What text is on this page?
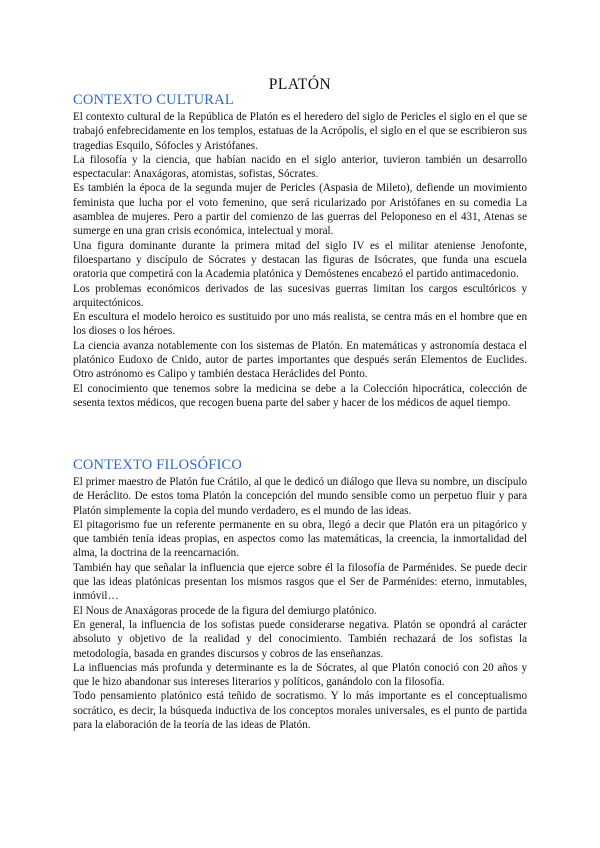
PLATÓN
CONTEXTO CULTURAL

El contexto cultural de la República de Platón es el heredero del siglo de Pericles el siglo en el que se trabajó enfebrecidamente en los templos, estatuas de la Acrópolis, el siglo en el que se escribieron sus tragedias Esquilo, Sófocles y Aristófanes.

La filosofía y la ciencia, que habían nacido en el siglo anterior, tuvieron también un desarrollo espectacular: Anaxágoras, atomistas, sofistas, Sócrates.

Es también la época de la segunda mujer de Pericles (Aspasia de Mileto), defiende un movimiento feminista que lucha por el voto femenino, que será ricularizado por Aristófanes en su comedia La asamblea de mujeres. Pero a partir del comienzo de las guerras del Peloponeso en el 431, Atenas se sumerge en una gran crisis económica, intelectual y moral.

Una figura dominante durante la primera mitad del siglo IV es el militar ateniense Jenofonte, filoespartano y discípulo de Sócrates y destacan las figuras de Isócrates, que funda una escuela oratoria que competirá con la Academia platónica y Demóstenes encabezó el partido antimacedonio.

Los problemas económicos derivados de las sucesivas guerras limitan los cargos escultóricos y arquitectónicos.

En escultura el modelo heroico es sustituido por uno más realista, se centra más en el hombre que en los dioses o los héroes.

La ciencia avanza notablemente con los sistemas de Platón. En matemáticas y astronomía destaca el platónico Eudoxo de Cnido, autor de partes importantes que después serán Elementos de Euclides. Otro astrónomo es Calipo y también destaca Heráclides del Ponto.

El conocimiento que tenemos sobre la medicina se debe a la Colección hipocrática, colección de sesenta textos médicos, que recogen buena parte del saber y hacer de los médicos de aquel tiempo.

CONTEXTO FILOSÓFICO

El primer maestro de Platón fue Crátilo, al que le dedicó un diálogo que lleva su nombre, un discípulo de Heráclito. De estos toma Platón la concepción del mundo sensible como un perpetuo fluir y para Platón simplemente la copia del mundo verdadero, es el mundo de las ideas.

El pitagorismo fue un referente permanente en su obra, llegó a decir que Platón era un pitagórico y que también tenía ideas propias, en aspectos como las matemáticas, la creencia, la inmortalidad del alma, la doctrina de la reencarnación.

También hay que señalar la influencia que ejerce sobre él la filosofía de Parménides. Se puede decir que las ideas platónicas presentan los mismos rasgos que el Ser de Parménides: eterno, inmutables, inmóvil…

El Nous de Anaxágoras procede de la figura del demiurgo platónico.

En general, la influencia de los sofistas puede considerarse negativa. Platón se opondrá al carácter absoluto y objetivo de la realidad y del conocimiento. También rechazará de los sofistas la metodología, basada en grandes discursos y cobros de las enseñanzas.

La influencias más profunda y determinante es la de Sócrates, al que Platón conoció con 20 años y que le hizo abandonar sus intereses literarios y políticos, ganándolo con la filosofía.

Todo pensamiento platónico está teñido de socratismo. Y lo más importante es el conceptualismo socrático, es decir, la búsqueda inductiva de los conceptos morales universales, es el punto de partida para la elaboración de la teoría de las ideas de Platón.
